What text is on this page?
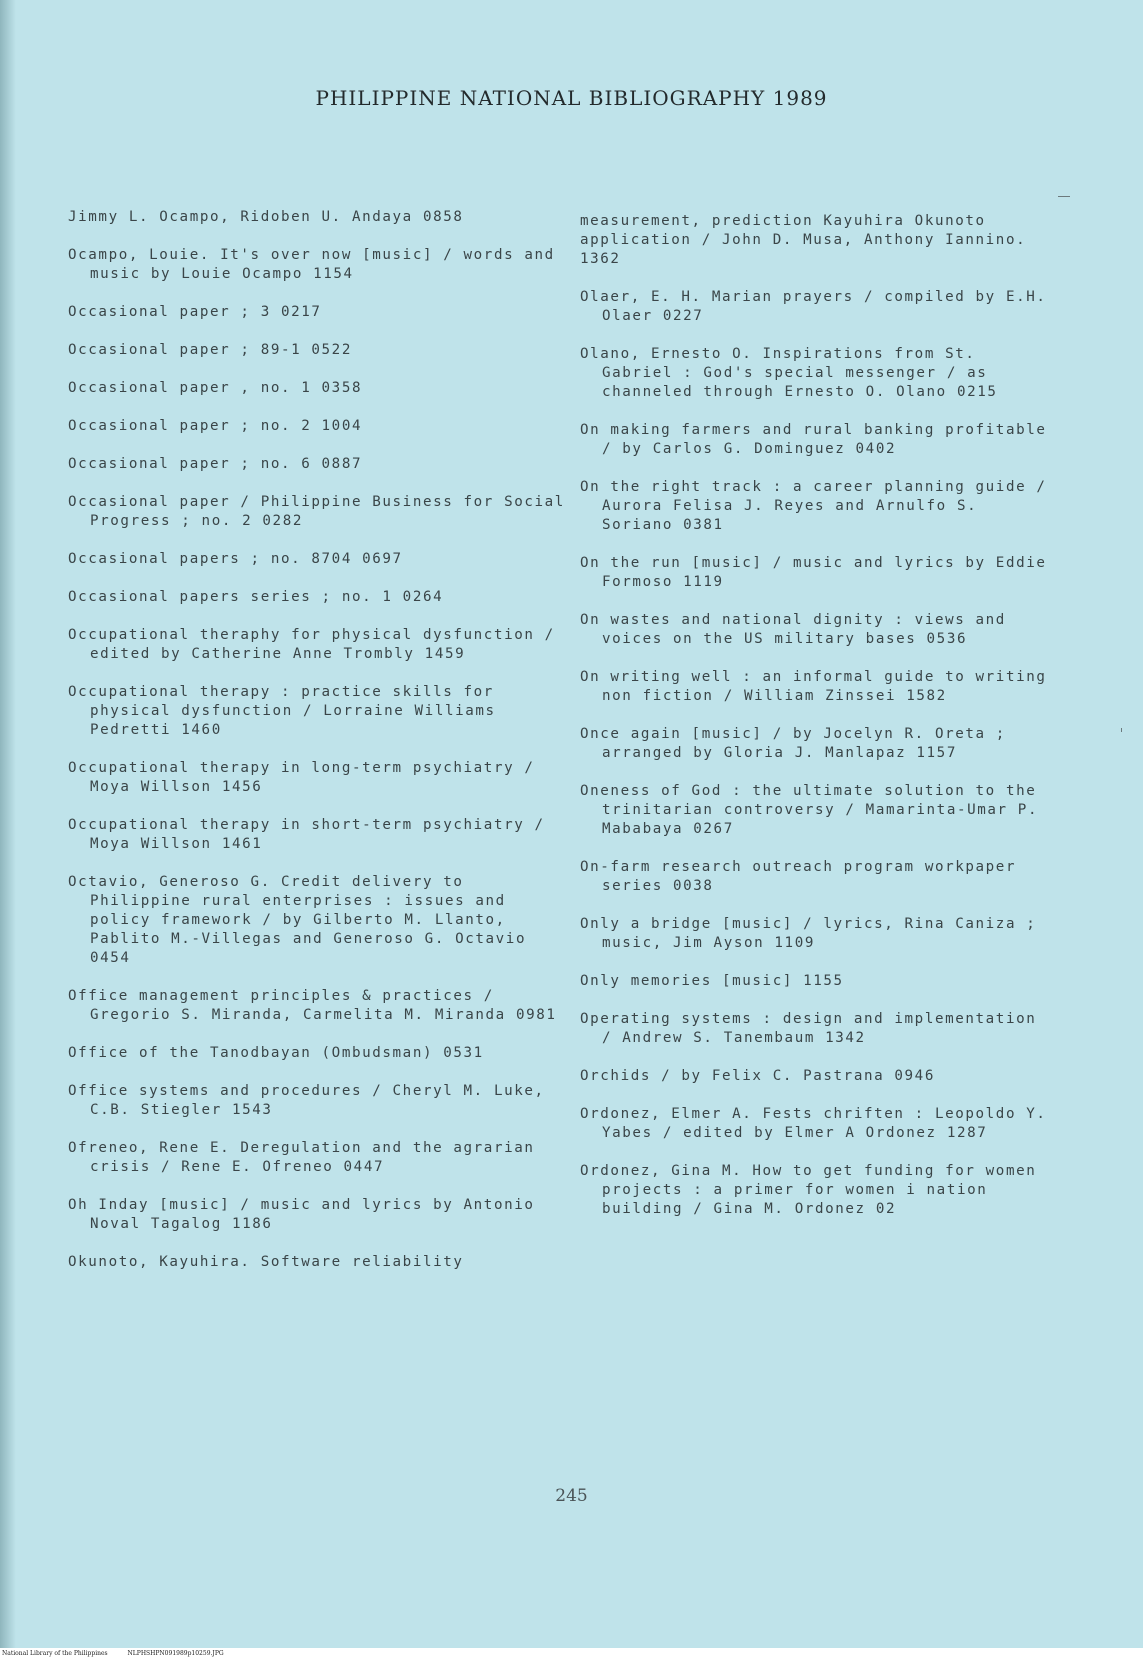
PHILIPPINE NATIONAL BIBLIOGRAPHY 1989
Jimmy L. Ocampo, Ridoben U. Andaya 0858
Ocampo, Louie. It's over now [music] / words and music by Louie Ocampo 1154
Occasional paper ; 3 0217
Occasional paper ; 89-1 0522
Occasional paper , no. 1 0358
Occasional paper ; no. 2 1004
Occasional paper ; no. 6 0887
Occasional paper / Philippine Business for Social Progress ; no. 2 0282
Occasional papers ; no. 8704 0697
Occasional papers series ; no. 1 0264
Occupational theraphy for physical dysfunction / edited by Catherine Anne Trombly 1459
Occupational therapy : practice skills for physical dysfunction / Lorraine Williams Pedretti 1460
Occupational therapy in long-term psychiatry / Moya Willson 1456
Occupational therapy in short-term psychiatry / Moya Willson 1461
Octavio, Generoso G. Credit delivery to Philippine rural enterprises : issues and policy framework / by Gilberto M. Llanto, Pablito M.-Villegas and Generoso G. Octavio 0454
Office management principles & practices / Gregorio S. Miranda, Carmelita M. Miranda 0981
Office of the Tanodbayan (Ombudsman) 0531
Office systems and procedures / Cheryl M. Luke, C.B. Stiegler 1543
Ofreneo, Rene E. Deregulation and the agrarian crisis / Rene E. Ofreneo 0447
Oh Inday [music] / music and lyrics by Antonio Noval Tagalog 1186
Okunoto, Kayuhira. Software reliability
measurement, prediction Kayuhira Okunoto application / John D. Musa, Anthony Iannino. 1362
Olaer, E. H. Marian prayers / compiled by E.H. Olaer 0227
Olano, Ernesto O. Inspirations from St. Gabriel : God's special messenger / as channeled through Ernesto O. Olano 0215
On making farmers and rural banking profitable / by Carlos G. Dominguez 0402
On the right track : a career planning guide / Aurora Felisa J. Reyes and Arnulfo S. Soriano 0381
On the run [music] / music and lyrics by Eddie Formoso 1119
On wastes and national dignity : views and voices on the US military bases 0536
On writing well : an informal guide to writing non fiction / William Zinssei 1582
Once again [music] / by Jocelyn R. Oreta ; arranged by Gloria J. Manlapaz 1157
Oneness of God : the ultimate solution to the trinitarian controversy / Mamarinta-Umar P. Mababaya 0267
On-farm research outreach program workpaper series 0038
Only a bridge [music] / lyrics, Rina Caniza ; music, Jim Ayson 1109
Only memories [music] 1155
Operating systems : design and implementation / Andrew S. Tanembaum 1342
Orchids / by Felix C. Pastrana 0946
Ordonez, Elmer A. Fests chriften : Leopoldo Y. Yabes / edited by Elmer A Ordonez 1287
Ordonez, Gina M. How to get funding for women projects : a primer for women i nation building / Gina M. Ordonez 02
245
National Library of the Philippines	NLPHSHPN091989p10259.JPG
